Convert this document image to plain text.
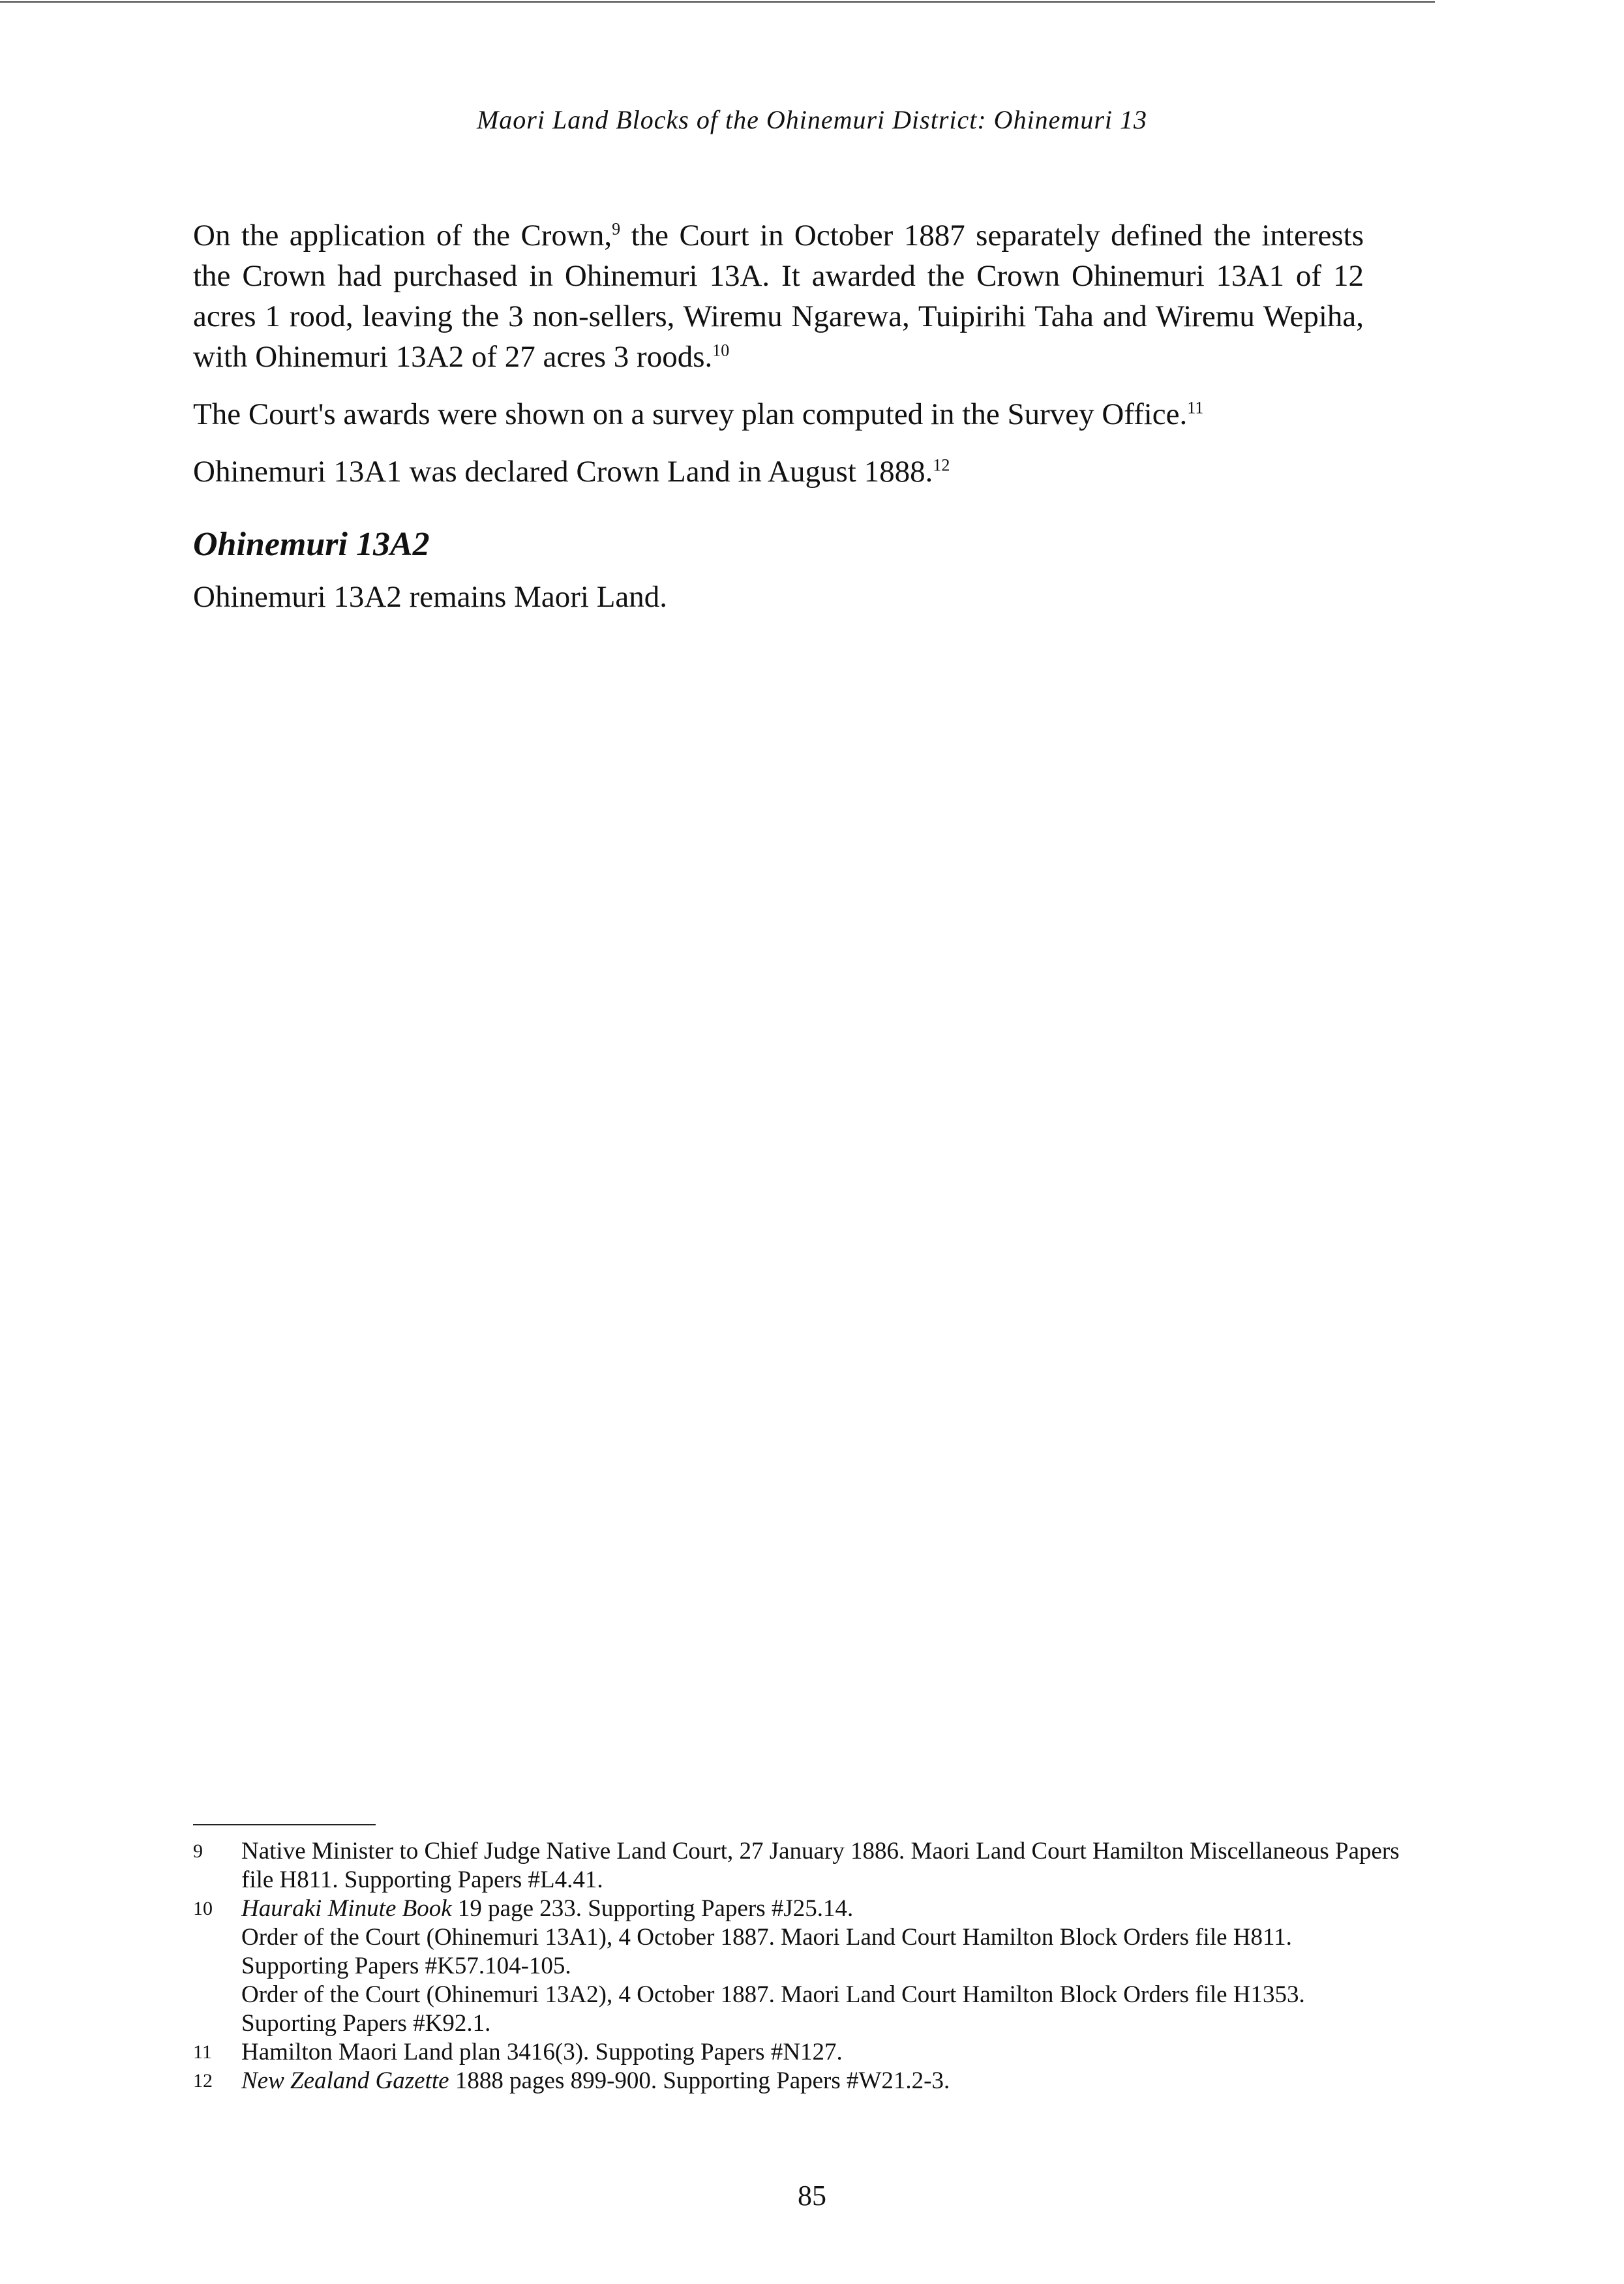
Maori Land Blocks of the Ohinemuri District: Ohinemuri 13

On the application of the Crown,$^9$ the Court in October 1887 separately defined the interests the Crown had purchased in Ohinemuri 13A. It awarded the Crown Ohinemuri 13A1 of 12 acres 1 rood, leaving the 3 non-sellers, Wiremu Ngarewa, Tuipirihi Taha and Wiremu Wepiha, with Ohinemuri 13A2 of 27 acres 3 roods.$^{10}$

The Court's awards were shown on a survey plan computed in the Survey Office.$^{11}$

Ohinemuri 13A1 was declared Crown Land in August 1888.12

Ohinemuri 13A2

Ohinemuri 13A2 remains Maori Land.

9	Native Minister to Chief Judge Native Land Court, 27 January 1886. Maori Land Court Hamilton Miscellaneous Papers file H811. Supporting Papers #L4.41.
10	Hauraki Minute Book 19 page 233. Supporting Papers #J25.14.
Order of the Court (Ohinemuri 13A1), 4 October 1887. Maori Land Court Hamilton Block Orders file H811. Supporting Papers #K57.104-105.
Order of the Court (Ohinemuri 13A2), 4 October 1887. Maori Land Court Hamilton Block Orders file H1353. Suporting Papers #K92.1.
11	Hamilton Maori Land plan 3416(3). Suppoting Papers #N127.
12	New Zealand Gazette 1888 pages 899-900. Supporting Papers #W21.2-3.
85
